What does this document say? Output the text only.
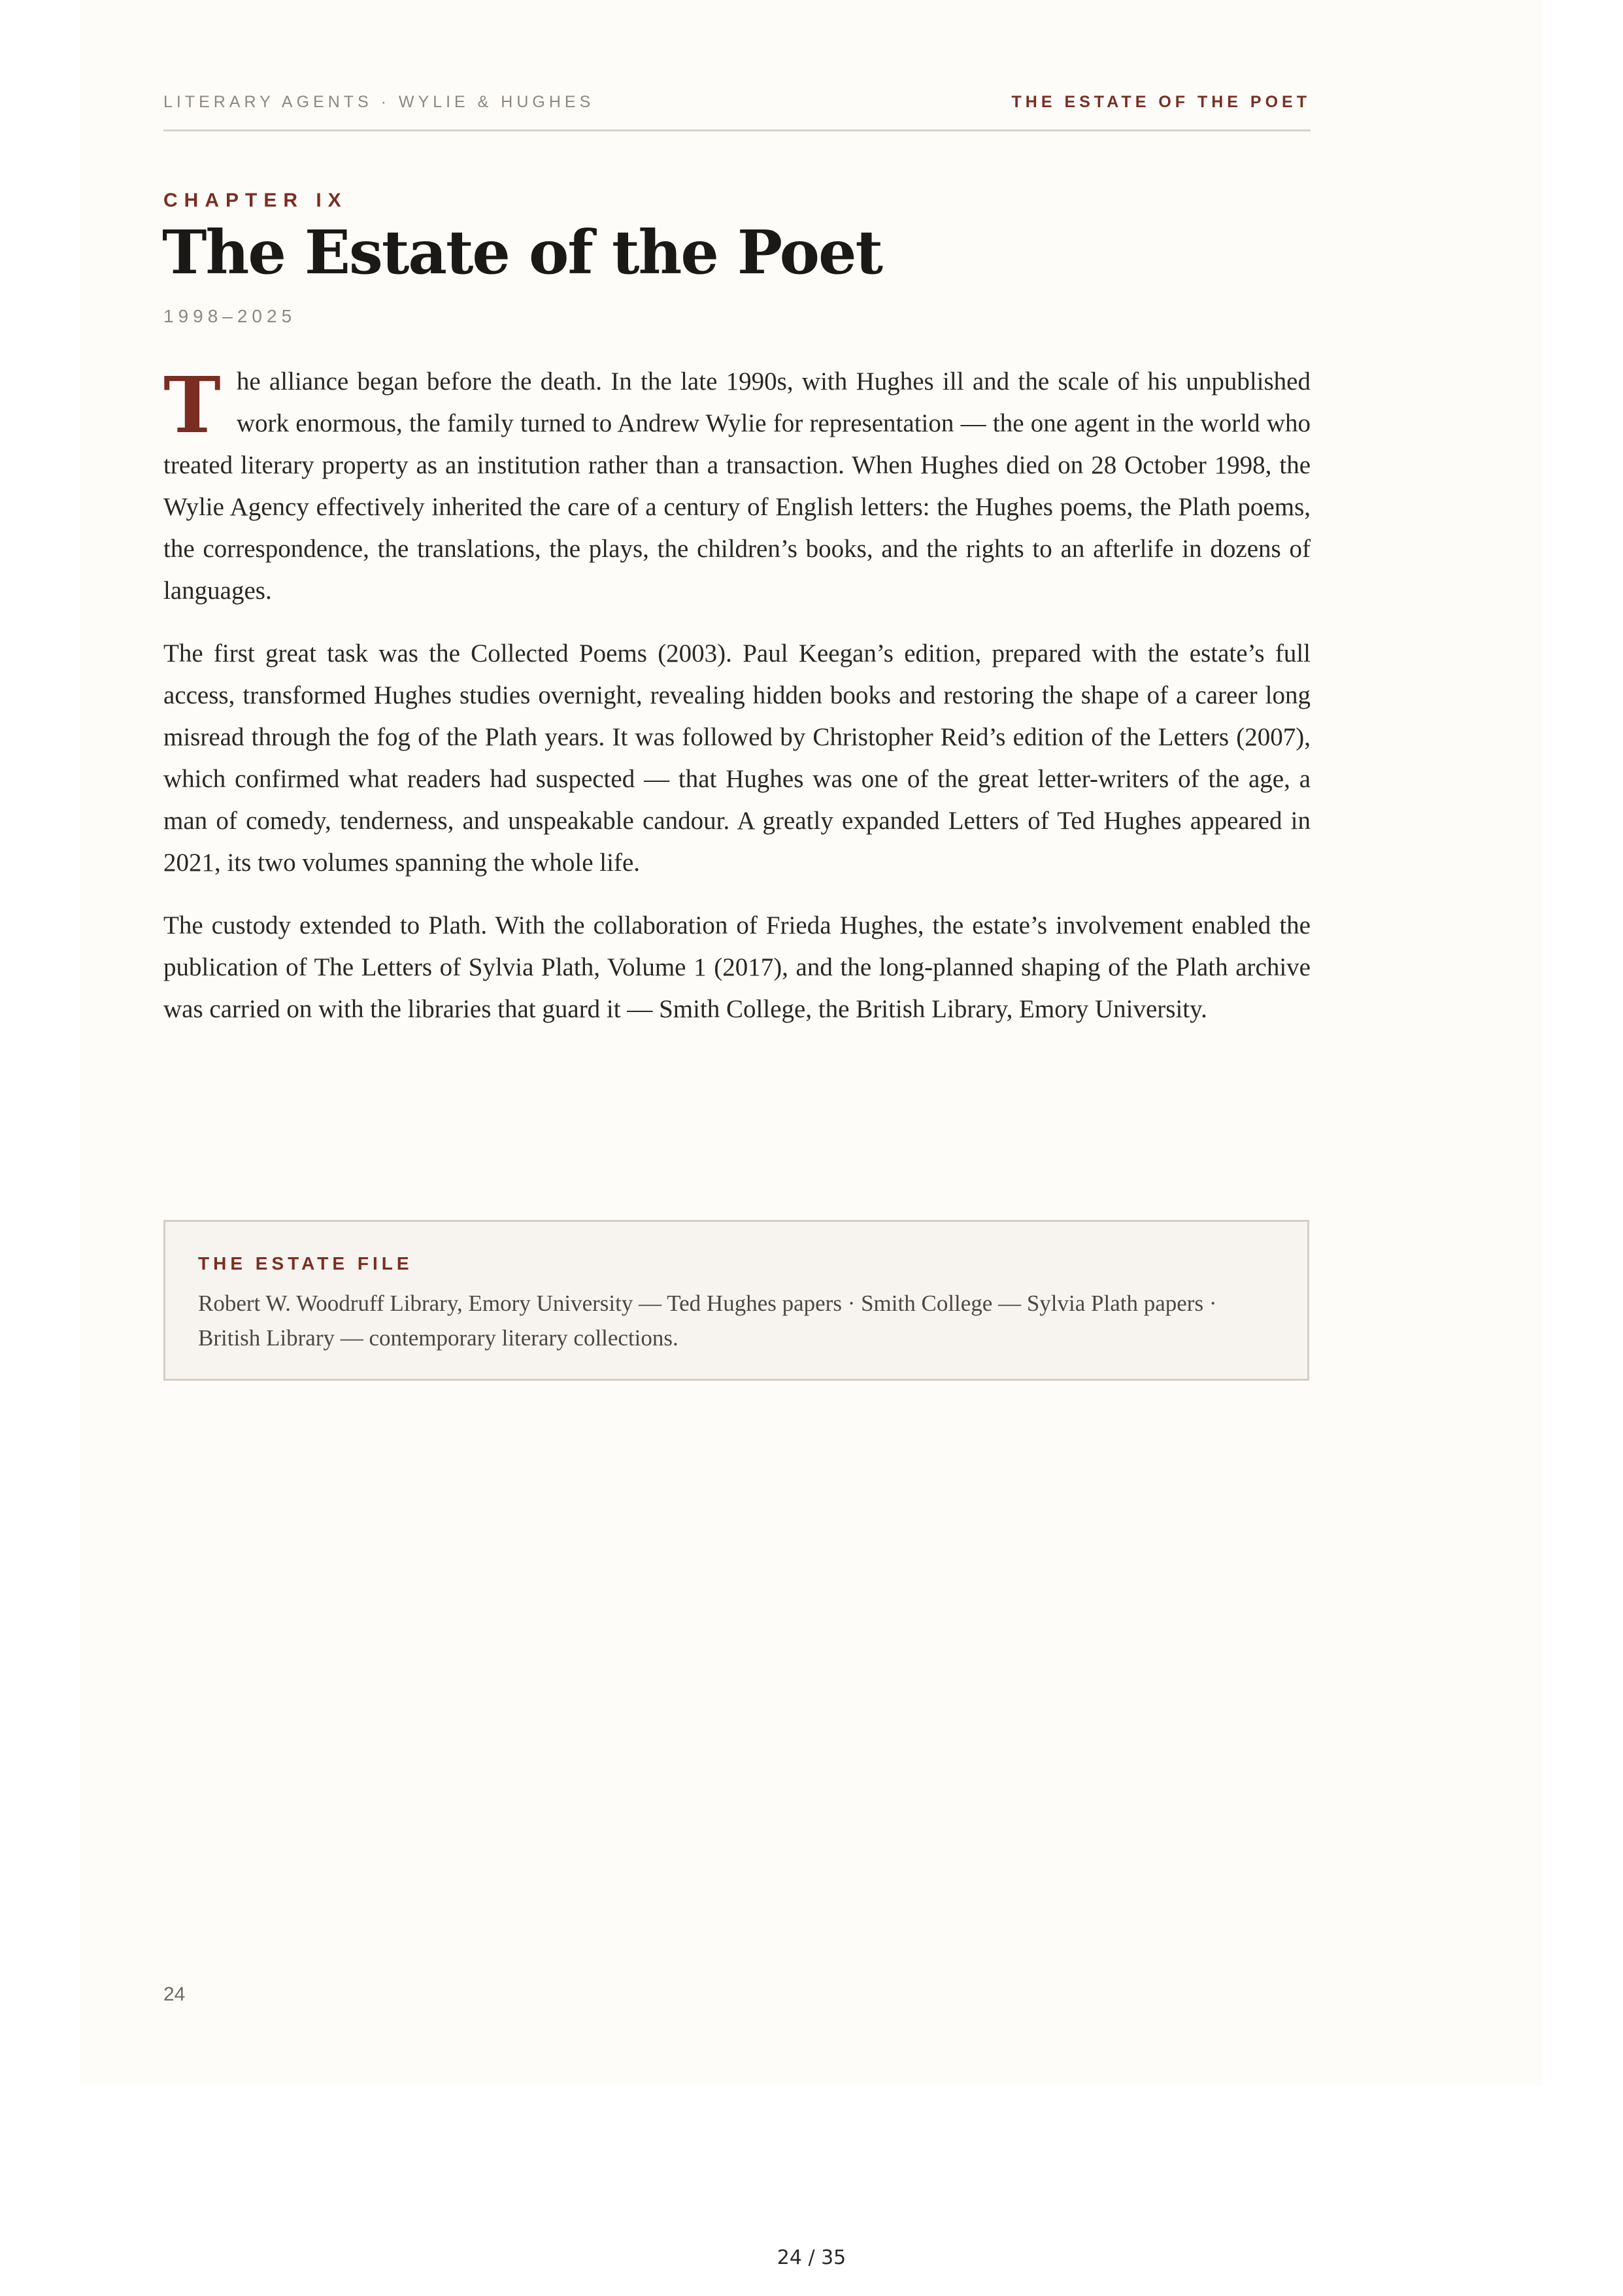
LITERARY AGENTS · WYLIE & HUGHES	THE ESTATE OF THE POET
CHAPTER IX
The Estate of the Poet
1998–2025

The alliance began before the death. In the late 1990s, with Hughes ill and the scale of his unpublished work enormous, the family turned to Andrew Wylie for representation — the one agent in the world who treated literary property as an institution rather than a transaction. When Hughes died on 28 October 1998, the Wylie Agency effectively inherited the care of a century of English letters: the Hughes poems, the Plath poems, the correspondence, the translations, the plays, the children’s books, and the rights to an afterlife in dozens of languages.

The first great task was the Collected Poems (2003). Paul Keegan’s edition, prepared with the estate’s full access, transformed Hughes studies overnight, revealing hidden books and restoring the shape of a career long misread through the fog of the Plath years. It was followed by Christopher Reid’s edition of the Letters (2007), which confirmed what readers had suspected — that Hughes was one of the great letter-writers of the age, a man of comedy, tenderness, and unspeakable candour. A greatly expanded Letters of Ted Hughes appeared in 2021, its two volumes spanning the whole life.

The custody extended to Plath. With the collaboration of Frieda Hughes, the estate’s involvement enabled the publication of The Letters of Sylvia Plath, Volume 1 (2017), and the long-planned shaping of the Plath archive was carried on with the libraries that guard it — Smith College, the British Library, Emory University.

THE ESTATE FILE
Robert W. Woodruff Library, Emory University — Ted Hughes papers · Smith College — Sylvia Plath papers · British Library — contemporary literary collections.
24
24 / 35
